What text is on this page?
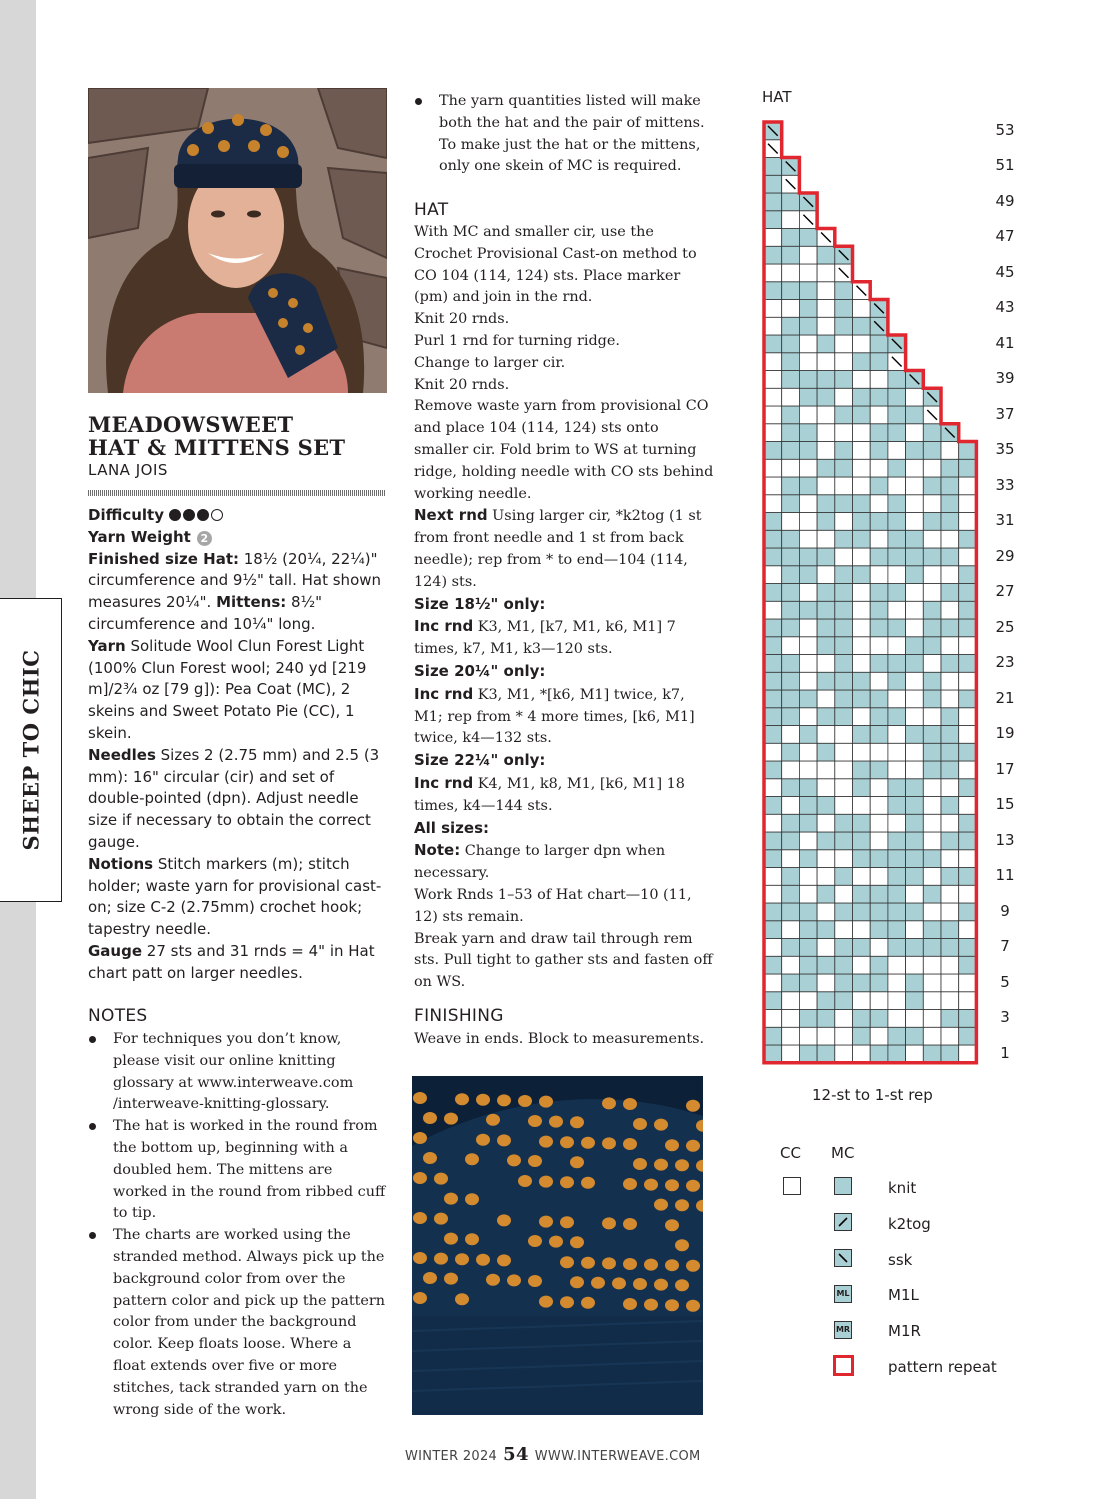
SHEEP TO CHIC
MEADOWSWEET
HAT & MITTENS SET
LANA JOIS

Difficulty

Yarn Weight 2

Finished size Hat: 18½ (20¼, 22¼)" circumference and 9½" tall. Hat shown measures 20¼". Mittens: 8½" circumference and 10¼" long.

Yarn Solitude Wool Clun Forest Light (100% Clun Forest wool; 240 yd [219 m]/2¾ oz [79 g]): Pea Coat (MC), 2 skeins and Sweet Potato Pie (CC), 1 skein.

Needles Sizes 2 (2.75 mm) and 2.5 (3 mm): 16" circular (cir) and set of double-pointed (dpn). Adjust needle size if necessary to obtain the correct gauge.

Notions Stitch markers (m); stitch holder; waste yarn for provisional cast-on; size C-2 (2.75mm) crochet hook; tapestry needle.

Gauge 27 sts and 31 rnds = 4" in Hat chart patt on larger needles.

NOTES
For techniques you don’t know, please visit our online knitting glossary at www.interweave.com /interweave-knitting-glossary.
The hat is worked in the round from the bottom up, beginning with a doubled hem. The mittens are worked in the round from ribbed cuff to tip.
The charts are worked using the stranded method. Always pick up the background color from over the pattern color and pick up the pattern color from under the background color. Keep floats loose. Where a float extends over five or more stitches, tack stranded yarn on the wrong side of the work.
The yarn quantities listed will make both the hat and the pair of mittens. To make just the hat or the mittens, only one skein of MC is required.
HAT

With MC and smaller cir, use the Crochet Provisional Cast-on method to CO 104 (114, 124) sts. Place marker (pm) and join in the rnd.

Knit 20 rnds.

Purl 1 rnd for turning ridge.

Change to larger cir.

Knit 20 rnds.

Remove waste yarn from provisional CO and place 104 (114, 124) sts onto smaller cir. Fold brim to WS at turning ridge, holding needle with CO sts behind working needle.

Next rnd Using larger cir, *k2tog (1 st from front needle and 1 st from back needle); rep from * to end—104 (114, 124) sts.

Size 18½" only:

Inc rnd K3, M1, [k7, M1, k6, M1] 7 times, k7, M1, k3—120 sts.

Size 20¼" only:

Inc rnd K3, M1, *[k6, M1] twice, k7, M1; rep from * 4 more times, [k6, M1] twice, k4—132 sts.

Size 22¼" only:

Inc rnd K4, M1, k8, M1, [k6, M1] 18 times, k4—144 sts.

All sizes:

Note: Change to larger dpn when necessary.

Work Rnds 1–53 of Hat chart—10 (11, 12) sts remain.

Break yarn and draw tail through rem sts. Pull tight to gather sts and fasten off on WS.

FINISHING
Weave in ends. Block to measurements.
HAT
53
51
49
47
45
43
41
39
37
35
33
31
29
27
25
23
21
19
17
15
13
11
9
7
5
3
1
12-st to 1-st rep
CC MC
knit
k2tog
ssk
ML	M1L
MR	M1R
pattern repeat
WINTER 2024 54 WWW.INTERWEAVE.COM
